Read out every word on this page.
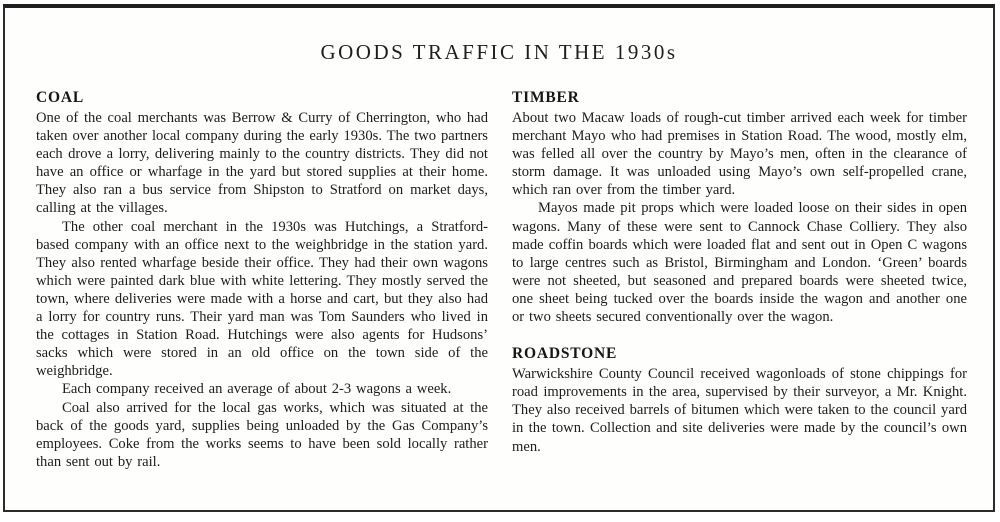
GOODS TRAFFIC IN THE 1930s
COAL

One of the coal merchants was Berrow & Curry of Cherrington, who had taken over another local company during the early 1930s. The two partners each drove a lorry, delivering mainly to the country districts. They did not have an office or wharfage in the yard but stored supplies at their home. They also ran a bus service from Shipston to Stratford on market days, calling at the villages.

The other coal merchant in the 1930s was Hutchings, a Stratford-based company with an office next to the weighbridge in the station yard. They also rented wharfage beside their office. They had their own wagons which were painted dark blue with white lettering. They mostly served the town, where deliveries were made with a horse and cart, but they also had a lorry for country runs. Their yard man was Tom Saunders who lived in the cottages in Station Road. Hutchings were also agents for Hudsons’ sacks which were stored in an old office on the town side of the weighbridge.

Each company received an average of about 2-3 wagons a week.

Coal also arrived for the local gas works, which was situated at the back of the goods yard, supplies being unloaded by the Gas Company’s employees. Coke from the works seems to have been sold locally rather than sent out by rail.

TIMBER

About two Macaw loads of rough-cut timber arrived each week for timber merchant Mayo who had premises in Station Road. The wood, mostly elm, was felled all over the country by Mayo’s men, often in the clearance of storm damage. It was unloaded using Mayo’s own self-propelled crane, which ran over from the timber yard.

Mayos made pit props which were loaded loose on their sides in open wagons. Many of these were sent to Cannock Chase Colliery. They also made coffin boards which were loaded flat and sent out in Open C wagons to large centres such as Bristol, Birmingham and London. ‘Green’ boards were not sheeted, but seasoned and prepared boards were sheeted twice, one sheet being tucked over the boards inside the wagon and another one or two sheets secured conventionally over the wagon.

ROADSTONE

Warwickshire County Council received wagonloads of stone chippings for road improvements in the area, supervised by their surveyor, a Mr. Knight. They also received barrels of bitumen which were taken to the council yard in the town. Collection and site deliveries were made by the council’s own men.
